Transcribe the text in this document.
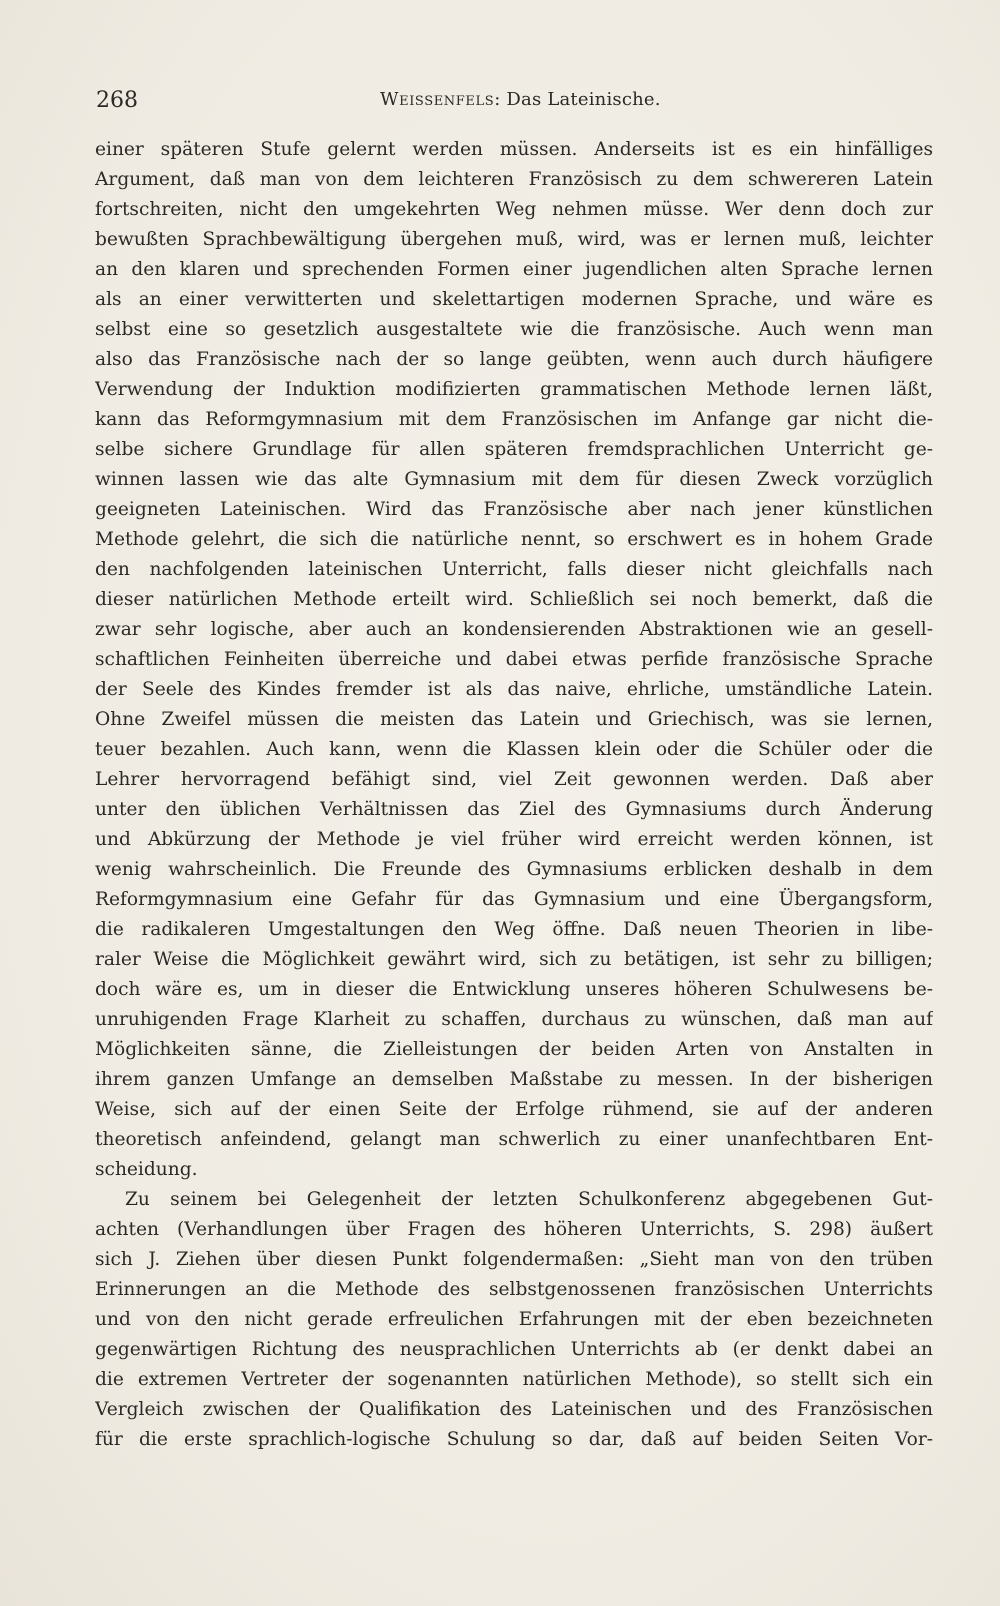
268	Weissenfels: Das Lateinische.
einer späteren Stufe gelernt werden müssen. Anderseits ist es ein hinfälliges
Argument, daß man von dem leichteren Französisch zu dem schwereren Latein
fortschreiten, nicht den umgekehrten Weg nehmen müsse. Wer denn doch zur
bewußten Sprachbewältigung übergehen muß, wird, was er lernen muß, leichter
an den klaren und sprechenden Formen einer jugendlichen alten Sprache lernen
als an einer verwitterten und skelettartigen modernen Sprache, und wäre es
selbst eine so gesetzlich ausgestaltete wie die französische. Auch wenn man
also das Französische nach der so lange geübten, wenn auch durch häufigere
Verwendung der Induktion modifizierten grammatischen Methode lernen läßt,
kann das Reformgymnasium mit dem Französischen im Anfange gar nicht die-
selbe sichere Grundlage für allen späteren fremdsprachlichen Unterricht ge-
winnen lassen wie das alte Gymnasium mit dem für diesen Zweck vorzüglich
geeigneten Lateinischen. Wird das Französische aber nach jener künstlichen
Methode gelehrt, die sich die natürliche nennt, so erschwert es in hohem Grade
den nachfolgenden lateinischen Unterricht, falls dieser nicht gleichfalls nach
dieser natürlichen Methode erteilt wird. Schließlich sei noch bemerkt, daß die
zwar sehr logische, aber auch an kondensierenden Abstraktionen wie an gesell-
schaftlichen Feinheiten überreiche und dabei etwas perfide französische Sprache
der Seele des Kindes fremder ist als das naive, ehrliche, umständliche Latein.
Ohne Zweifel müssen die meisten das Latein und Griechisch, was sie lernen,
teuer bezahlen. Auch kann, wenn die Klassen klein oder die Schüler oder die
Lehrer hervorragend befähigt sind, viel Zeit gewonnen werden. Daß aber
unter den üblichen Verhältnissen das Ziel des Gymnasiums durch Änderung
und Abkürzung der Methode je viel früher wird erreicht werden können, ist
wenig wahrscheinlich. Die Freunde des Gymnasiums erblicken deshalb in dem
Reformgymnasium eine Gefahr für das Gymnasium und eine Übergangsform,
die radikaleren Umgestaltungen den Weg öffne. Daß neuen Theorien in libe-
raler Weise die Möglichkeit gewährt wird, sich zu betätigen, ist sehr zu billigen;
doch wäre es, um in dieser die Entwicklung unseres höheren Schulwesens be-
unruhigenden Frage Klarheit zu schaffen, durchaus zu wünschen, daß man auf
Möglichkeiten sänne, die Zielleistungen der beiden Arten von Anstalten in
ihrem ganzen Umfange an demselben Maßstabe zu messen. In der bisherigen
Weise, sich auf der einen Seite der Erfolge rühmend, sie auf der anderen
theoretisch anfeindend, gelangt man schwerlich zu einer unanfechtbaren Ent-
scheidung.
Zu seinem bei Gelegenheit der letzten Schulkonferenz abgegebenen Gut-
achten (Verhandlungen über Fragen des höheren Unterrichts, S. 298) äußert
sich J. Ziehen über diesen Punkt folgendermaßen: „Sieht man von den trüben
Erinnerungen an die Methode des selbstgenossenen französischen Unterrichts
und von den nicht gerade erfreulichen Erfahrungen mit der eben bezeichneten
gegenwärtigen Richtung des neusprachlichen Unterrichts ab (er denkt dabei an
die extremen Vertreter der sogenannten natürlichen Methode), so stellt sich ein
Vergleich zwischen der Qualifikation des Lateinischen und des Französischen
für die erste sprachlich-logische Schulung so dar, daß auf beiden Seiten Vor-
